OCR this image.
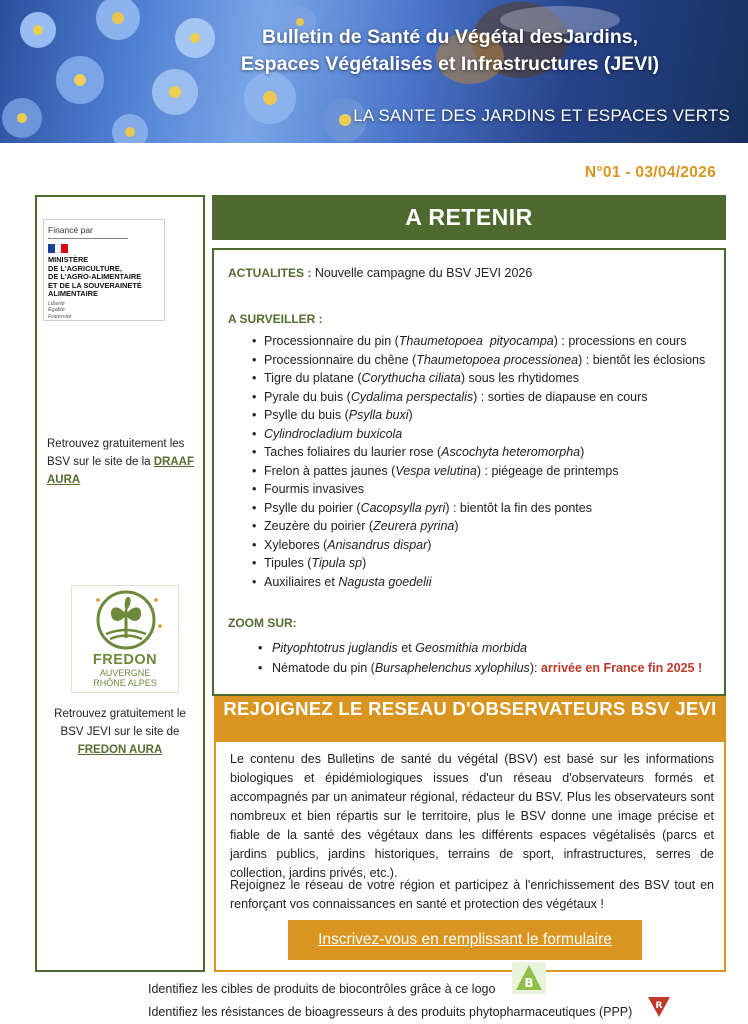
Bulletin de Santé du Végétal desJardins,
Espaces Végétalisés et Infrastructures (JEVI)
LA SANTE DES JARDINS ET ESPACES VERTS
N°01 - 03/04/2026
Financé par
MINISTÈRE
DE L'AGRICULTURE,
DE L'AGRO-ALIMENTAIRE
ET DE LA SOUVERAINETÉ
ALIMENTAIRE
Liberté
Égalité
Fraternité
Retrouvez gratuitement les BSV sur le site de la DRAAF AURA
FREDON
AUVERGNE
RHÔNE ALPES
Retrouvez gratuitement le BSV JEVI sur le site de
FREDON AURA
A RETENIR
ACTUALITES : Nouvelle campagne du BSV JEVI 2026
A SURVEILLER :
• Processionnaire du pin (Thaumetopoea  pityocampa) : processions en cours
• Processionnaire du chêne (Thaumetopoea processionea) : bientôt les éclosions
• Tigre du platane (Corythucha ciliata) sous les rhytidomes
• Pyrale du buis (Cydalima perspectalis) : sorties de diapause en cours
• Psylle du buis (Psylla buxi)
• Cylindrocladium buxicola
• Taches foliaires du laurier rose (Ascochyta heteromorpha)
• Frelon à pattes jaunes (Vespa velutina) : piégeage de printemps
• Fourmis invasives
• Psylle du poirier (Cacopsylla pyri) : bientôt la fin des pontes
• Zeuzère du poirier (Zeurera pyrina)
• Xylebores (Anisandrus dispar)
• Tipules (Tipula sp)
• Auxiliaires et Nagusta goedelii
ZOOM SUR:
• Pityophtotrus juglandis et Geosmithia morbida
• Nématode du pin (Bursaphelenchus xylophilus): arrivée en France fin 2025 !
REJOIGNEZ LE RESEAU D'OBSERVATEURS BSV JEVI

Le contenu des Bulletins de santé du végétal (BSV) est basé sur les informations biologiques et épidémiologiques issues d'un réseau d'observateurs formés et accompagnés par un animateur régional, rédacteur du BSV. Plus les observateurs sont nombreux et bien répartis sur le territoire, plus le BSV donne une image précise et fiable de la santé des végétaux dans les différents espaces végétalisés (parcs et jardins publics, jardins historiques, terrains de sport, infrastructures, serres de collection, jardins privés, etc.).

Rejoignez le réseau de votre région et participez à l'enrichissement des BSV tout en renforçant vos connaissances en santé et protection des végétaux !

Inscrivez-vous en remplissant le formulaire
Identifiez les cibles de produits de biocontrôles grâce à ce logo B
Identifiez les résistances de bioagresseurs à des produits phytopharmaceutiques (PPP)	R
